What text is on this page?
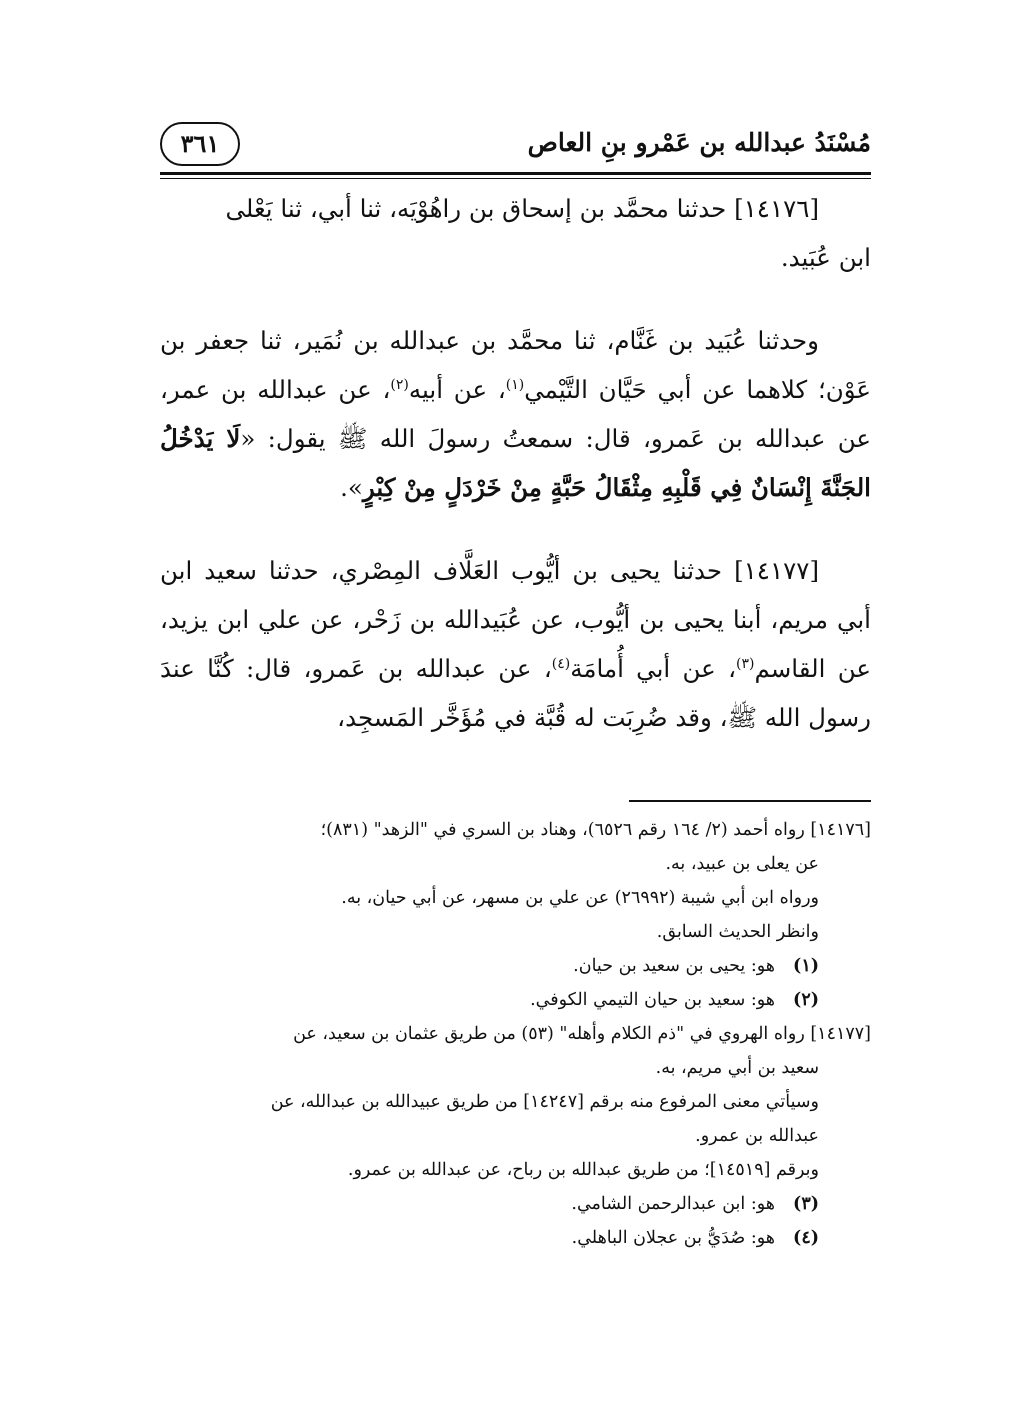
مُسْنَدُ عبدالله بن عَمْرو بنِ العاص
٣٦١

[١٤١٧٦] حدثنا محمَّد بن إسحاق بن راهُوْيَه، ثنا أبي، ثنا يَعْلى
ابن عُبَيد.

وحدثنا عُبَيد بن غَنَّام، ثنا محمَّد بن عبدالله بن نُمَير، ثنا جعفر بن عَوْن؛ كلاهما عن أبي حَيَّان التَّيْمي$^{(١)}$، عن أبيه$^{(٢)}$، عن عبدالله بن عمر، عن عبدالله بن عَمرو، قال: سمعتُ رسولَ الله ﷺ يقول: «لَا يَدْخُلُ الجَنَّةَ إِنْسَانٌ فِي قَلْبِهِ مِثْقَالُ حَبَّةٍ مِنْ خَرْدَلٍ مِنْ كِبْرٍ».

[١٤١٧٧] حدثنا يحيى بن أيُّوب العَلَّاف المِصْري، حدثنا سعيد ابن أبي مريم، أبنا يحيى بن أيُّوب، عن عُبَيدالله بن زَحْر، عن علي ابن يزيد، عن القاسم$^{(٣)}$، عن أبي أُمامَة$^{(٤)}$، عن عبدالله بن عَمرو، قال: كُنَّا عندَ رسول الله ﷺ، وقد ضُرِبَت له قُبَّة في مُؤَخَّر المَسجِد،

[١٤١٧٦] رواه أحمد (٢/ ١٦٤ رقم ٦٥٢٦)، وهناد بن السري في "الزهد" (٨٣١)؛

عن يعلى بن عبيد، به.

ورواه ابن أبي شيبة (٢٦٩٩٢) عن علي بن مسهر، عن أبي حيان، به.

وانظر الحديث السابق.

(١)هو: يحيى بن سعيد بن حيان.

(٢)هو: سعيد بن حيان التيمي الكوفي.

[١٤١٧٧] رواه الهروي في "ذم الكلام وأهله" (٥٣) من طريق عثمان بن سعيد، عن

سعيد بن أبي مريم، به.

وسيأتي معنى المرفوع منه برقم [١٤٢٤٧] من طريق عبيدالله بن عبدالله، عن

عبدالله بن عمرو.

وبرقم [١٤٥١٩]؛ من طريق عبدالله بن رباح، عن عبدالله بن عمرو.

(٣)هو: ابن عبدالرحمن الشامي.

(٤)هو: صُدَيُّ بن عجلان الباهلي.
